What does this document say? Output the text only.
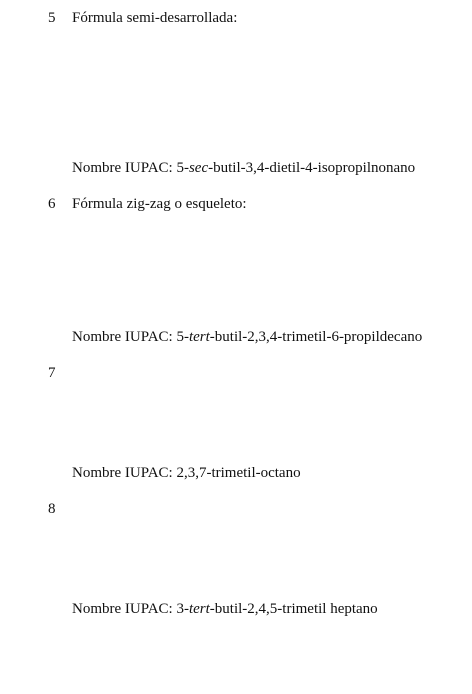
5 Fórmula semi-desarrollada:
Nombre IUPAC: 5-sec-butil-3,4-dietil-4-isopropilnonano
6 Fórmula zig-zag o esqueleto:
Nombre IUPAC: 5-tert-butil-2,3,4-trimetil-6-propildecano
7
Nombre IUPAC: 2,3,7-trimetil-octano
8
Nombre IUPAC: 3-tert-butil-2,4,5-trimetil heptano
